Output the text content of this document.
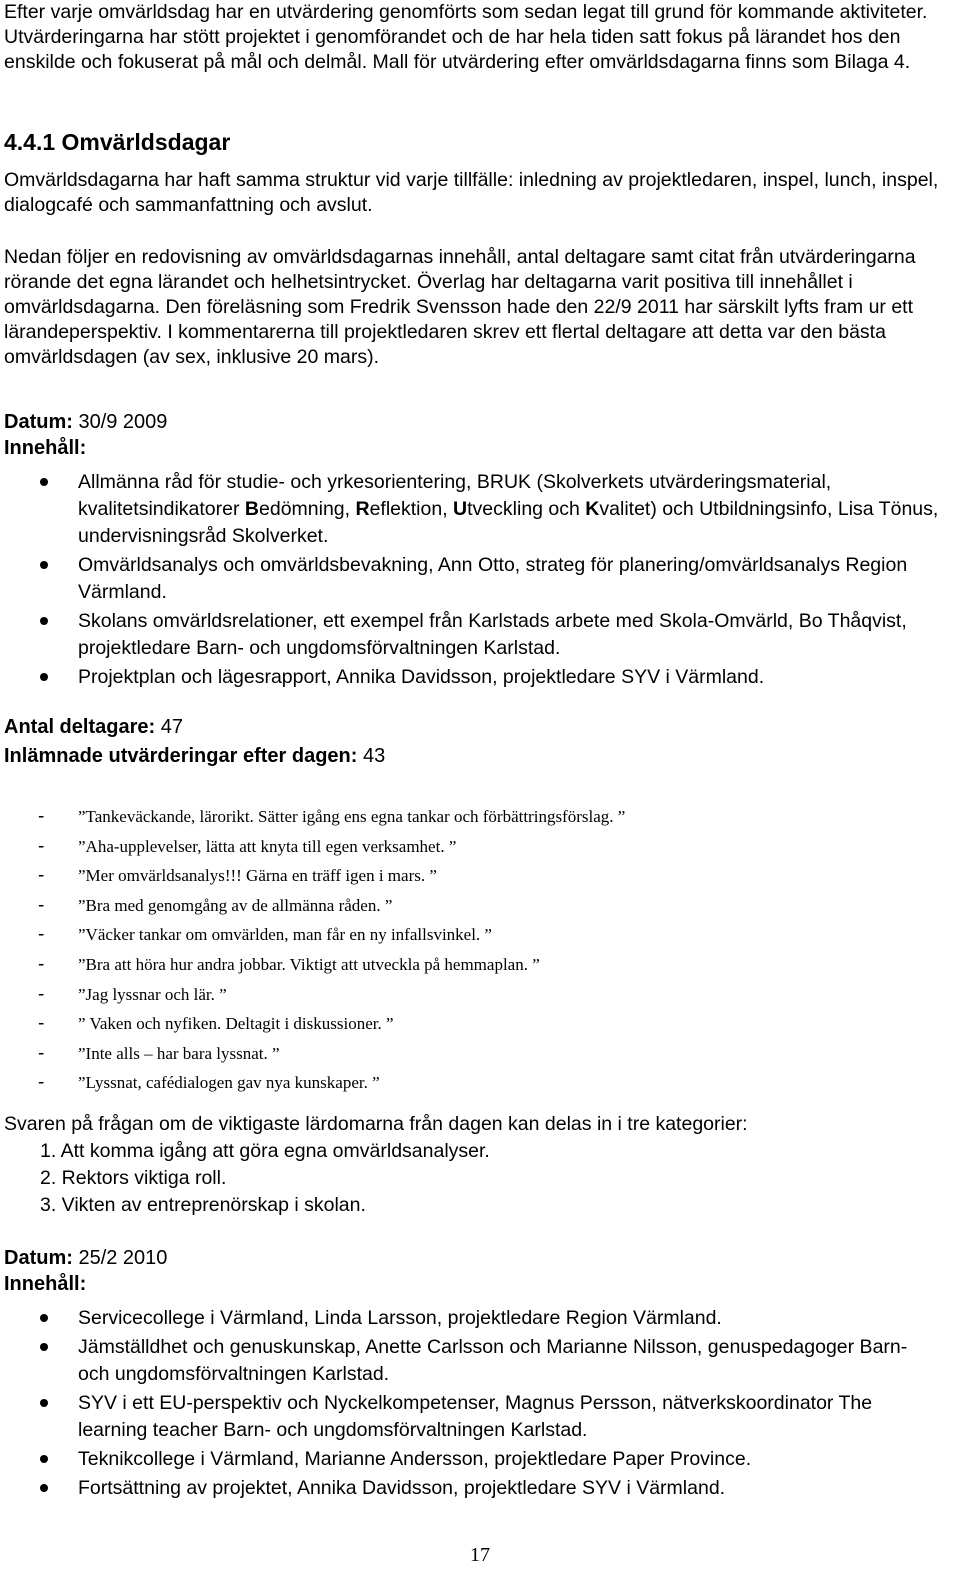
Efter varje omvärldsdag har en utvärdering genomförts som sedan legat till grund för kommande aktiviteter. Utvärderingarna har stött projektet i genomförandet och de har hela tiden satt fokus på lärandet hos den enskilde och fokuserat på mål och delmål. Mall för utvärdering efter omvärldsdagarna finns som Bilaga 4.

4.4.1 Omvärldsdagar

Omvärldsdagarna har haft samma struktur vid varje tillfälle: inledning av projektledaren, inspel, lunch, inspel, dialogcafé och sammanfattning och avslut.

Nedan följer en redovisning av omvärldsdagarnas innehåll, antal deltagare samt citat från utvärderingarna rörande det egna lärandet och helhetsintrycket. Överlag har deltagarna varit positiva till innehållet i omvärldsdagarna. Den föreläsning som Fredrik Svensson hade den 22/9 2011 har särskilt lyfts fram ur ett lärandeperspektiv. I kommentarerna till projektledaren skrev ett flertal deltagare att detta var den bästa omvärldsdagen (av sex, inklusive 20 mars).

Datum: 30/9 2009

Innehåll:

Allmänna råd för studie- och yrkesorientering, BRUK (Skolverkets utvärderingsmaterial, kvalitetsindikatorer Bedömning, Reflektion, Utveckling och Kvalitet) och Utbildningsinfo, Lisa Tönus, undervisningsråd Skolverket.
Omvärldsanalys och omvärldsbevakning, Ann Otto, strateg för planering/omvärldsanalys Region Värmland.
Skolans omvärldsrelationer, ett exempel från Karlstads arbete med Skola-Omvärld, Bo Thåqvist, projektledare Barn- och ungdomsförvaltningen Karlstad.
Projektplan och lägesrapport, Annika Davidsson, projektledare SYV i Värmland.

Antal deltagare: 47

Inlämnade utvärderingar efter dagen: 43

- ”Tankeväckande, lärorikt. Sätter igång ens egna tankar och förbättringsförslag. ”
- ”Aha-upplevelser, lätta att knyta till egen verksamhet. ”
- ”Mer omvärldsanalys!!! Gärna en träff igen i mars. ”
- ”Bra med genomgång av de allmänna råden. ”
- ”Väcker tankar om omvärlden, man får en ny infallsvinkel. ”
- ”Bra att höra hur andra jobbar. Viktigt att utveckla på hemmaplan. ”
- ”Jag lyssnar och lär. ”
- ” Vaken och nyfiken. Deltagit i diskussioner. ”
- ”Inte alls – har bara lyssnat. ”
- ”Lyssnat, cafédialogen gav nya kunskaper. ”

Svaren på frågan om de viktigaste lärdomarna från dagen kan delas in i tre kategorier:

1. Att komma igång att göra egna omvärldsanalyser.
2. Rektors viktiga roll.
3. Vikten av entreprenörskap i skolan.

Datum: 25/2 2010

Innehåll:

Servicecollege i Värmland, Linda Larsson, projektledare Region Värmland.
Jämställdhet och genuskunskap, Anette Carlsson och Marianne Nilsson, genuspedagoger Barn- och ungdomsförvaltningen Karlstad.
SYV i ett EU-perspektiv och Nyckelkompetenser, Magnus Persson, nätverkskoordinator The learning teacher Barn- och ungdomsförvaltningen Karlstad.
Teknikcollege i Värmland, Marianne Andersson, projektledare Paper Province.
Fortsättning av projektet, Annika Davidsson, projektledare SYV i Värmland.
17
